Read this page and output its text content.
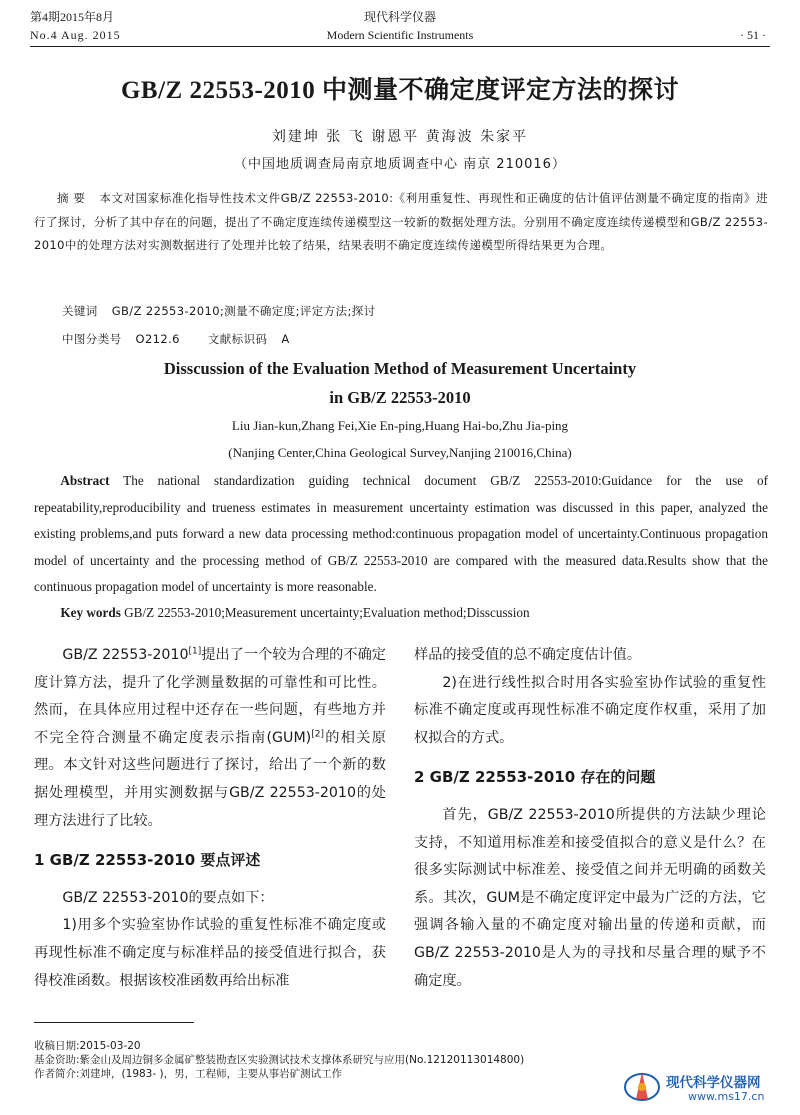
第4期2015年8月
No.4 Aug. 2015
现代科学仪器
Modern Scientific Instruments	· 51 ·
GB/Z 22553-2010 中测量不确定度评定方法的探讨
刘建坤 张 飞 谢恩平 黄海波 朱家平
（中国地质调查局南京地质调查中心 南京 210016）
摘 要 本文对国家标准化指导性技术文件GB/Z 22553-2010:《利用重复性、再现性和正确度的估计值评估测量不确定度的指南》进行了探讨，分析了其中存在的问题，提出了不确定度连续传递模型这一较新的数据处理方法。分别用不确定度连续传递模型和GB/Z 22553-2010中的处理方法对实测数据进行了处理并比较了结果，结果表明不确定度连续传递模型所得结果更为合理。
关键词 GB/Z 22553-2010;测量不确定度;评定方法;探讨
中图分类号 O212.6 文献标识码 A
Disscussion of the Evaluation Method of Measurement Uncertainty
in GB/Z 22553-2010
Liu Jian-kun,Zhang Fei,Xie En-ping,Huang Hai-bo,Zhu Jia-ping
(Nanjing Center,China Geological Survey,Nanjing 210016,China)
Abstract The national standardization guiding technical document GB/Z 22553-2010:Guidance for the use of repeatability,reproducibility and trueness estimates in measurement uncertainty estimation was discussed in this paper, analyzed the existing problems,and puts forward a new data processing method:continuous propagation model of uncertainty.Continuous propagation model of uncertainty and the processing method of GB/Z 22553-2010 are compared with the measured data.Results show that the continuous propagation model of uncertainty is more reasonable.
Key words GB/Z 22553-2010;Measurement uncertainty;Evaluation method;Disscussion

GB/Z 22553-2010[1]提出了一个较为合理的不确定度计算方法，提升了化学测量数据的可靠性和可比性。然而，在具体应用过程中还存在一些问题，有些地方并不完全符合测量不确定度表示指南(GUM)[2]的相关原理。本文针对这些问题进行了探讨，给出了一个新的数据处理模型，并用实测数据与GB/Z 22553-2010的处理方法进行了比较。

1 GB/Z 22553-2010 要点评述

GB/Z 22553-2010的要点如下：

1)用多个实验室协作试验的重复性标准不确定度或再现性标准不确定度与标准样品的接受值进行拟合，获得校准函数。根据该校准函数再给出标准

样品的接受值的总不确定度估计值。

2)在进行线性拟合时用各实验室协作试验的重复性标准不确定度或再现性标准不确定度作权重，采用了加权拟合的方式。

2 GB/Z 22553-2010 存在的问题

首先，GB/Z 22553-2010所提供的方法缺少理论支持，不知道用标准差和接受值拟合的意义是什么？在很多实际测试中标准差、接受值之间并无明确的函数关系。其次，GUM是不确定度评定中最为广泛的方法，它强调各输入量的不确定度对输出量的传递和贡献，而GB/Z 22553-2010是人为的寻找和尽量合理的赋予不确定度。

收稿日期:2015-03-20
基金资助:紫金山及周边铜多金属矿整装勘查区实验测试技术支撑体系研究与应用(No.12120113014800)
作者简介:刘建坤，(1983- )，男，工程师，主要从事岩矿测试工作
现代科学仪器网
www.ms17.cn
